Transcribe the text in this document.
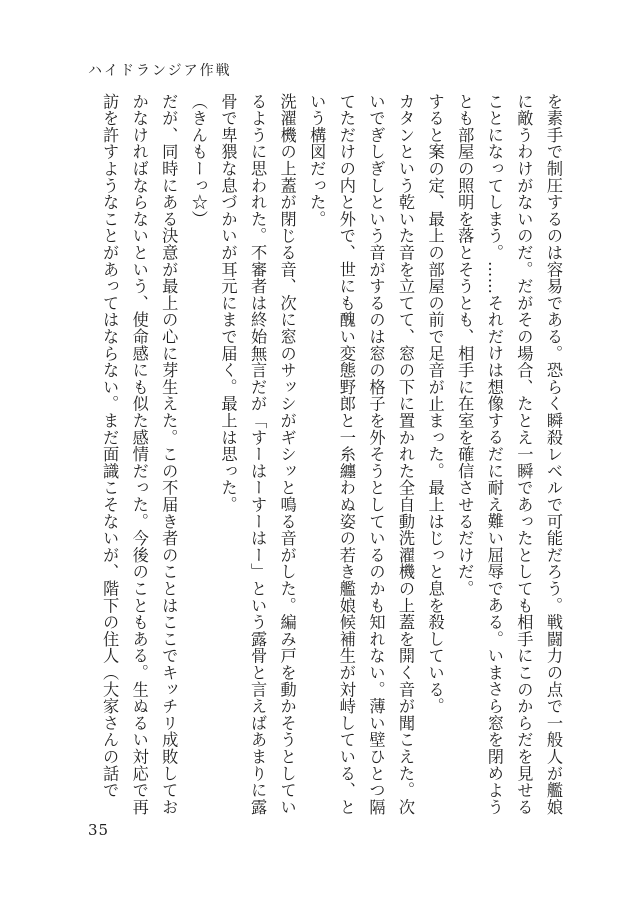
ハイドランジア作戦

を素手で制圧するのは容易である。恐らく瞬殺レベルで可能だろう。戦闘力の点で一般人が艦娘に敵うわけがないのだ。だがその場合、たとえ一瞬であったとしても相手にこのからだを見せることになってしまう。……それだけは想像するだに耐え難い屈辱である。いまさら窓を閉めようとも部屋の照明を落とそうとも、相手に在室を確信させるだけだ。

すると案の定、最上の部屋の前で足音が止まった。最上はじっと息を殺している。

カタンという乾いた音を立てて、窓の下に置かれた全自動洗濯機の上蓋を開く音が聞こえた。次いでぎしぎしという音がするのは窓の格子を外そうとしているのかも知れない。薄い壁ひとつ隔てただけの内と外で、世にも醜い変態野郎と一糸纏わぬ姿の若き艦娘候補生が対峙している、という構図だった。

洗濯機の上蓋が閉じる音、次に窓のサッシがギシッと鳴る音がした。編み戸を動かそうとしているように思われた。不審者は終始無言だが「すーはーすーはー」という露骨と言えばあまりに露骨で卑猥な息づかいが耳元にまで届く。最上は思った。

（きんもーっ☆）

だが、同時にある決意が最上の心に芽生えた。この不届き者のことはここでキッチリ成敗しておかなければならないという、使命感にも似た感情だった。今後のこともある。生ぬるい対応で再訪を許すようなことがあってはならない。まだ面識こそないが、階下の住人（大家さんの話で

35
